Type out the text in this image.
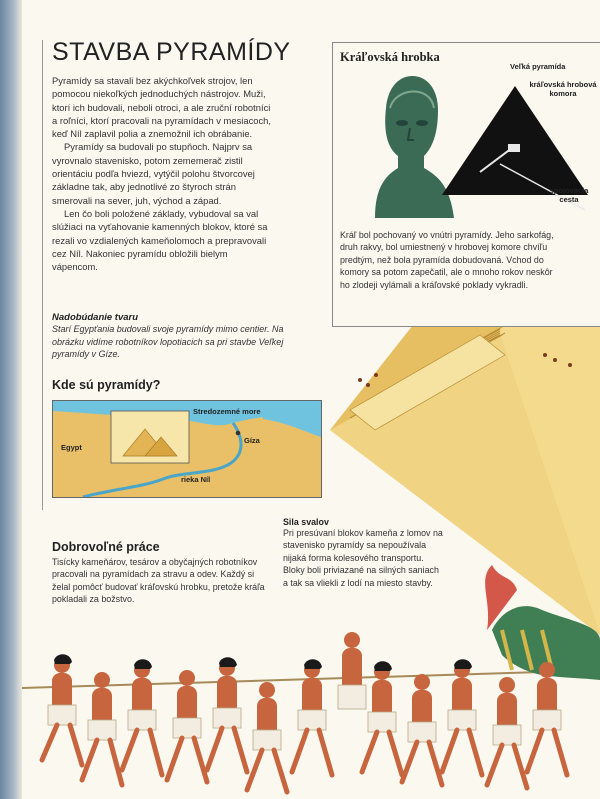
STAVBA PYRAMÍDY

Pyramídy sa stavali bez akýchkoľvek strojov, len pomocou niekoľkých jednoduchých nástrojov. Muži, ktorí ich budovali, neboli otroci, a ale zruční robotníci a roľníci, ktorí pracovali na pyramídach v mesiacoch, keď Níl zaplavil polia a znemožnil ich obrábanie.

Pyramídy sa budovali po stupňoch. Najprv sa vyrovnalo stavenisko, potom zememerač zistil orientáciu podľa hviezd, vytýčil polohu štvorcovej základne tak, aby jednotlivé zo štyroch strán smerovali na sever, juh, východ a západ.

Len čo boli položené základy, vybudoval sa val slúžiaci na vyťahovanie kamenných blokov, ktoré sa rezali vo vzdialených kameňolomoch a prepravovali cez Níl. Nakoniec pyramídu obložili bielym vápencom.

Nadobúdanie tvaru
Starí Egypťania budovali svoje pyramídy mimo centier. Na obrázku vidíme robotníkov lopotiacich sa pri stavbe Veľkej pyramídy v Gíze.
Kde sú pyramídy?
Stredozemné more
Gíza
Egypt
rieka Níl
Kráľovská hrobka
Veľká pyramída
kráľovská hrobová komora
spojovacia cesta
Kráľ bol pochovaný vo vnútri pyramídy. Jeho sarkofág, druh rakvy, bol umiestnený v hrobovej komore chvíľu predtým, než bola pyramída dobudovaná. Vchod do komory sa potom zapečatil, ale o mnoho rokov neskôr ho zlodeji vylámali a kráľovské poklady vykradli.
Dobrovoľné práce
Tisícky kameňárov, tesárov a obyčajných robotníkov pracovali na pyramídach za stravu a odev. Každý si želal pomôcť budovať kráľovskú hrobku, pretože kráľa pokladali za božstvo.
Sila svalov
Pri presúvaní blokov kameňa z lomov na stavenisko pyramídy sa nepoužívala nijaká forma kolesového transportu. Bloky boli priviazané na silných saniach a tak sa vliekli z lodí na miesto stavby.
